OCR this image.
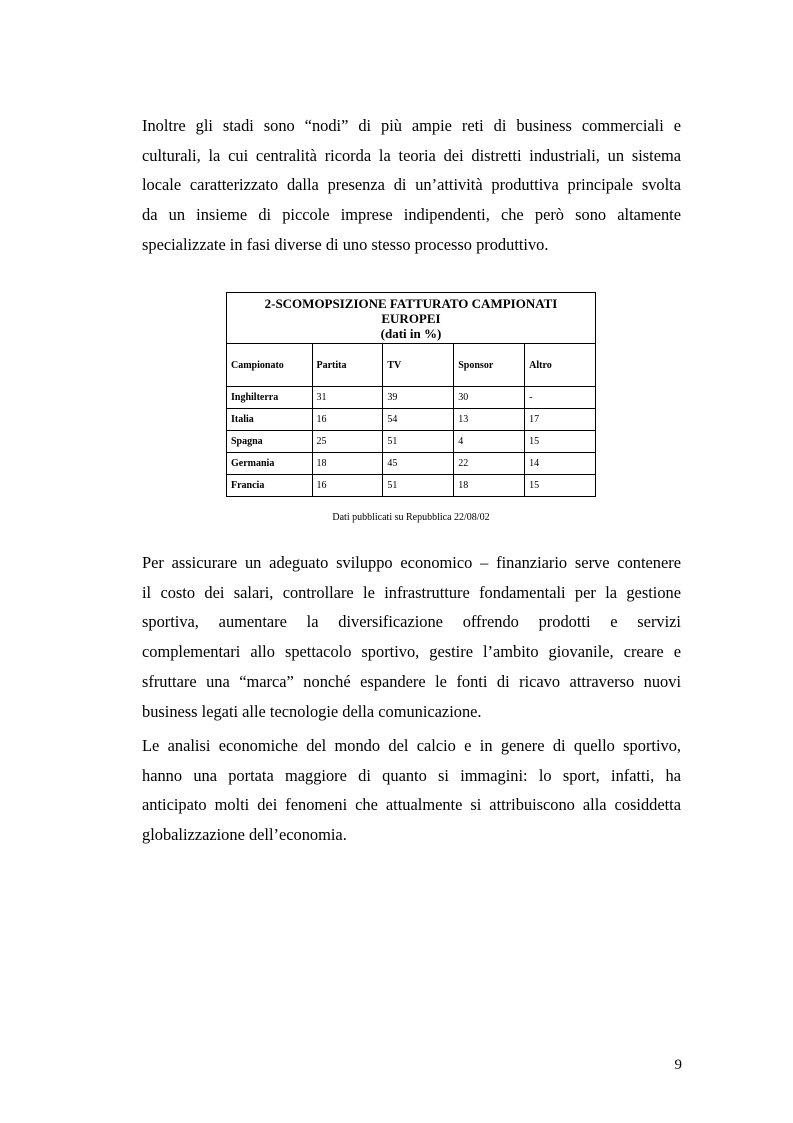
Inoltre gli stadi sono “nodi” di più ampie reti di business commerciali e
culturali, la cui centralità ricorda la teoria dei distretti industriali, un sistema
locale caratterizzato dalla presenza di un’attività produttiva principale svolta
da un insieme di piccole imprese indipendenti, che però sono altamente
specializzate in fasi diverse di uno stesso processo produttivo.
2-SCOMOPSIZIONE FATTURATO CAMPIONATI
EUROPEI
(dati in %)				
Campionato	Partita	TV	Sponsor	Altro
Inghilterra	31	39	30	-
Italia	16	54	13	17
Spagna	25	51	4	15
Germania	18	45	22	14
Francia	16	51	18	15
Dati pubblicati su Repubblica 22/08/02
Per assicurare un adeguato sviluppo economico – finanziario serve contenere
il costo dei salari, controllare le infrastrutture fondamentali per la gestione
sportiva, aumentare la diversificazione offrendo prodotti e servizi
complementari allo spettacolo sportivo, gestire l’ambito giovanile, creare e
sfruttare una “marca” nonché espandere le fonti di ricavo attraverso nuovi
business legati alle tecnologie della comunicazione.
Le analisi economiche del mondo del calcio e in genere di quello sportivo,
hanno una portata maggiore di quanto si immagini: lo sport, infatti, ha
anticipato molti dei fenomeni che attualmente si attribuiscono alla cosiddetta
globalizzazione dell’economia.
9
